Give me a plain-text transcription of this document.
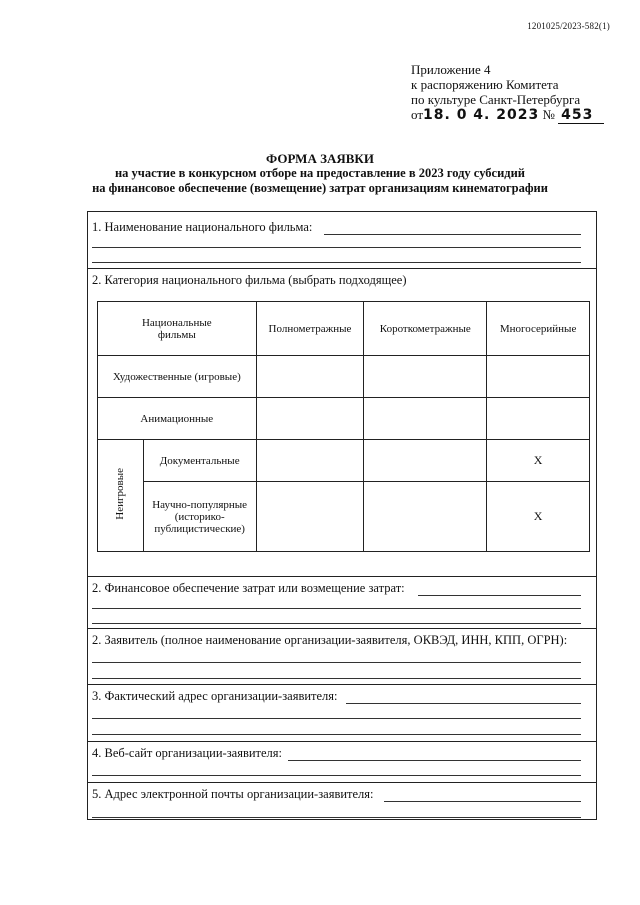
1201025/2023-582(1)
Приложение 4
к распоряжению Комитета
по культуре Санкт-Петербурга
от18. 0 4. 2023 № 453
ФОРМА ЗАЯВКИ
на участие в конкурсном отборе на предоставление в 2023 году субсидий
на финансовое обеспечение (возмещение) затрат организациям кинематографии
1. Наименование национального фильма:
2. Категория национального фильма (выбрать подходящее)
Национальные
фильмы		Полнометражные	Короткометражные	Многосерийные
Художественные (игровые)				
Анимационные				
Неигровые	Документальные			X

	Научно-популярные
(историко-
публицистические)			X
2. Финансовое обеспечение затрат или возмещение затрат:
2. Заявитель (полное наименование организации-заявителя, ОКВЭД, ИНН, КПП, ОГРН):
3. Фактический адрес организации-заявителя:
4. Веб-сайт организации-заявителя:
5. Адрес электронной почты организации-заявителя:
